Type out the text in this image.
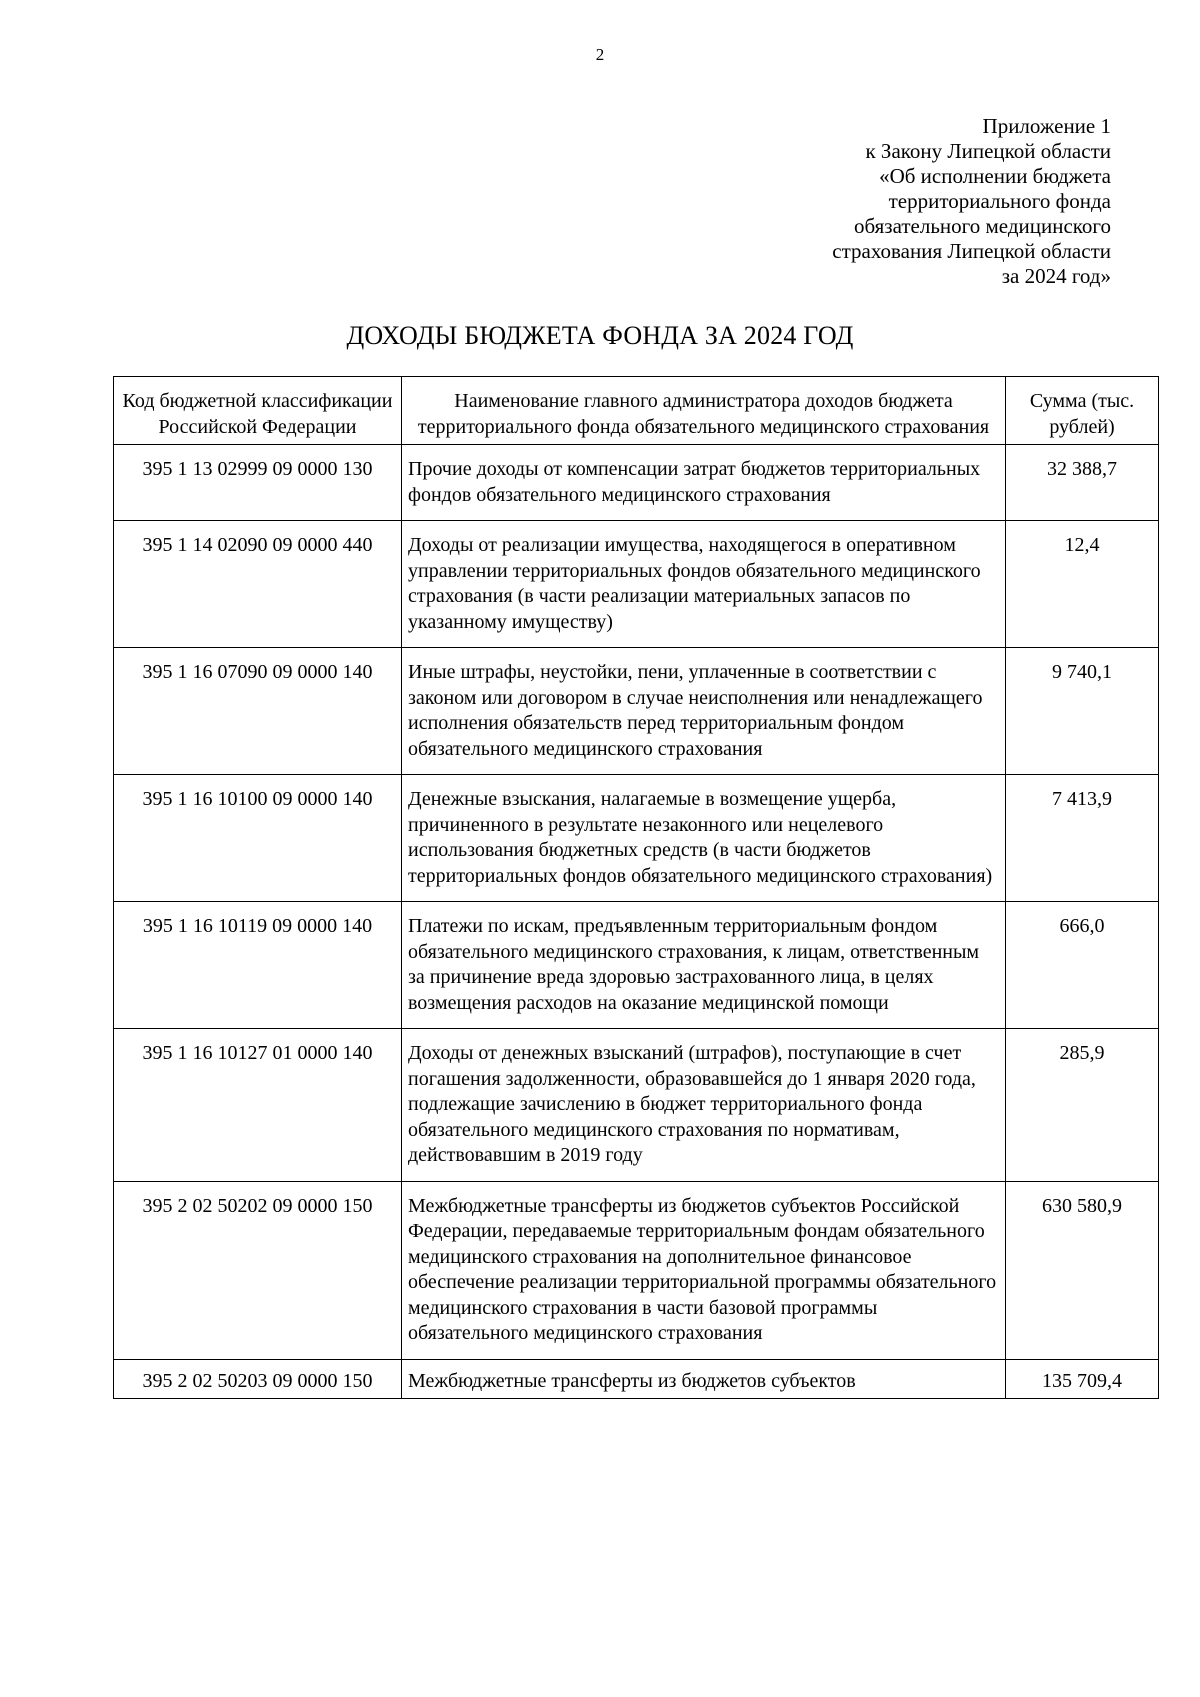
2
Приложение 1
к Закону Липецкой области
«Об исполнении бюджета
территориального фонда
обязательного медицинского
страхования Липецкой области
за 2024 год»
ДОХОДЫ БЮДЖЕТА ФОНДА ЗА 2024 ГОД
Код бюджетной классификации Российской Федерации	Наименование главного администратора доходов бюджета территориального фонда обязательного медицинского страхования	Сумма (тыс. рублей)
395 1 13 02999 09 0000 130	Прочие доходы от компенсации затрат бюджетов территориальных фондов обязательного медицинского страхования	32 388,7
395 1 14 02090 09 0000 440	Доходы от реализации имущества, находящегося в оперативном управлении территориальных фондов обязательного медицинского страхования (в части реализации материальных запасов по указанному имуществу)	12,4
395 1 16 07090 09 0000 140	Иные штрафы, неустойки, пени, уплаченные в соответствии с законом или договором в случае неисполнения или ненадлежащего исполнения обязательств перед территориальным фондом обязательного медицинского страхования	9 740,1
395 1 16 10100 09 0000 140	Денежные взыскания, налагаемые в возмещение ущерба, причиненного в результате незаконного или нецелевого использования бюджетных средств (в части бюджетов территориальных фондов обязательного медицинского страхования)	7 413,9
395 1 16 10119 09 0000 140	Платежи по искам, предъявленным территориальным фондом обязательного медицинского страхования, к лицам, ответственным за причинение вреда здоровью застрахованного лица, в целях возмещения расходов на оказание медицинской помощи	666,0
395 1 16 10127 01 0000 140	Доходы от денежных взысканий (штрафов), поступающие в счет погашения задолженности, образовавшейся до 1 января 2020 года, подлежащие зачислению в бюджет территориального фонда обязательного медицинского страхования по нормативам, действовавшим в 2019 году	285,9
395 2 02 50202 09 0000 150	Межбюджетные трансферты из бюджетов субъектов Российской Федерации, передаваемые территориальным фондам обязательного медицинского страхования на дополнительное финансовое обеспечение реализации территориальной программы обязательного медицинского страхования в части базовой программы обязательного медицинского страхования	630 580,9
395 2 02 50203 09 0000 150	Межбюджетные трансферты из бюджетов субъектов	135 709,4
